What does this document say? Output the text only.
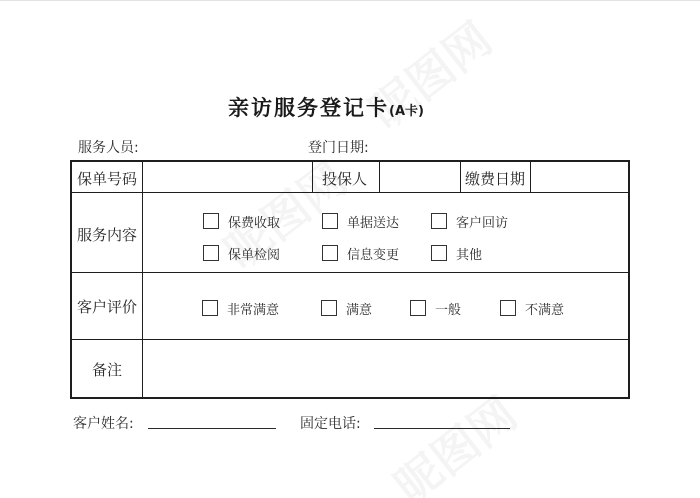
亲访服务登记卡(A卡)
服务人员:	登门日期:
保单号码	投保人	缴费日期
服务内容
保费收取	单据送达	客户回访
保单检阅	信息变更	其他
客户评价	非常满意	满意	一般	不满意
备注
客户姓名:	固定电话:
